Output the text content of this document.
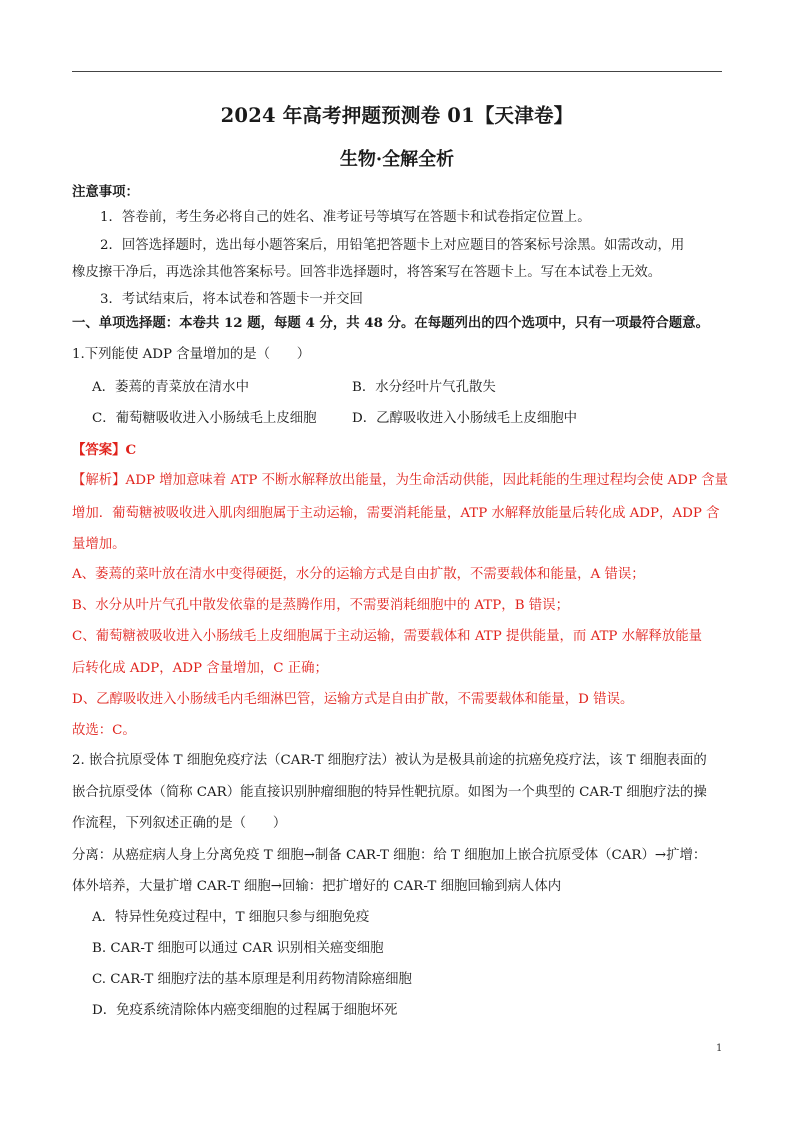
2024 年高考押题预测卷 01【天津卷】
生物·全解全析
注意事项：
1．答卷前，考生务必将自己的姓名、准考证号等填写在答题卡和试卷指定位置上。
2．回答选择题时，选出每小题答案后，用铅笔把答题卡上对应题目的答案标号涂黑。如需改动，用
橡皮擦干净后，再选涂其他答案标号。回答非选择题时，将答案写在答题卡上。写在本试卷上无效。
3．考试结束后，将本试卷和答题卡一并交回
一、单项选择题：本卷共 12 题，每题 4 分，共 48 分。在每题列出的四个选项中，只有一项最符合题意。
1.下列能使 ADP 含量增加的是（　　）
A．萎蔫的青菜放在清水中	B．水分经叶片气孔散失
C．葡萄糖吸收进入小肠绒毛上皮细胞	D．乙醇吸收进入小肠绒毛上皮细胞中
【答案】C
【解析】ADP 增加意味着 ATP 不断水解释放出能量，为生命活动供能，因此耗能的生理过程均会使 ADP 含量
增加．葡萄糖被吸收进入肌肉细胞属于主动运输，需要消耗能量，ATP 水解释放能量后转化成 ADP，ADP 含
量增加。
A、萎蔫的菜叶放在清水中变得硬挺，水分的运输方式是自由扩散，不需要载体和能量，A 错误；
B、水分从叶片气孔中散发依靠的是蒸腾作用，不需要消耗细胞中的 ATP，B 错误；
C、葡萄糖被吸收进入小肠绒毛上皮细胞属于主动运输，需要载体和 ATP 提供能量，而 ATP 水解释放能量
后转化成 ADP，ADP 含量增加，C 正确；
D、乙醇吸收进入小肠绒毛内毛细淋巴管，运输方式是自由扩散，不需要载体和能量，D 错误。
故选：C。
2. 嵌合抗原受体 T 细胞免疫疗法（CAR-T 细胞疗法）被认为是极具前途的抗癌免疫疗法，该 T 细胞表面的
嵌合抗原受体（简称 CAR）能直接识别肿瘤细胞的特异性靶抗原。如图为一个典型的 CAR-T 细胞疗法的操
作流程，下列叙述正确的是（　　）
分离：从癌症病人身上分离免疫 T 细胞→制备 CAR-T 细胞：给 T 细胞加上嵌合抗原受体（CAR）→扩增：
体外培养，大量扩增 CAR-T 细胞→回输：把扩增好的 CAR-T 细胞回输到病人体内
A．特异性免疫过程中，T 细胞只参与细胞免疫
B. CAR-T 细胞可以通过 CAR 识别相关癌变细胞
C. CAR-T 细胞疗法的基本原理是利用药物清除癌细胞
D．免疫系统清除体内癌变细胞的过程属于细胞坏死
1
